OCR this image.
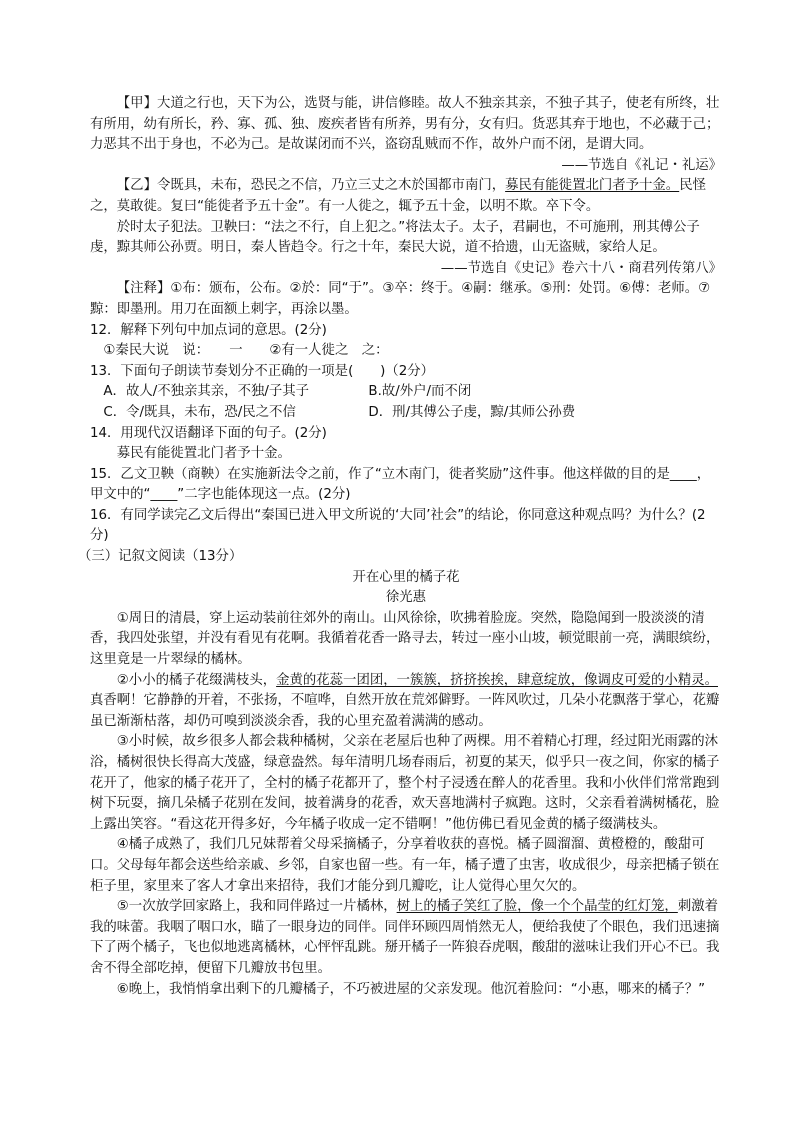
【甲】大道之行也，天下为公，选贤与能，讲信修睦。故人不独亲其亲，不独子其子，使老有所终，壮有所用，幼有所长，矜、寡、孤、独、废疾者皆有所养，男有分，女有归。货恶其弃于地也，不必藏于己；力恶其不出于身也，不必为己。是故谋闭而不兴，盗窃乱贼而不作，故外户而不闭，是谓大同。

——节选自《礼记・礼运》

【乙】令既具，未布，恐民之不信，乃立三丈之木於国都市南门，募民有能徙置北门者予十金。民怪之，莫敢徙。复曰“能徙者予五十金”。有一人徙之，辄予五十金，以明不欺。卒下令。

於时太子犯法。卫鞅曰：“法之不行，自上犯之。”将法太子。太子，君嗣也，不可施刑，刑其傅公子虔，黥其师公孙贾。明日，秦人皆趋令。行之十年，秦民大说，道不拾遗，山无盗贼，家给人足。

——节选自《史记》卷六十八・商君列传第八》

【注释】①布：颁布，公布。②於：同“于”。③卒：终于。④嗣：继承。⑤刑：处罚。⑥傅：老师。⑦黥：即墨刑。用刀在面额上刺字，再涂以墨。

12．解释下列句中加点词的意思。(2分)

①秦民大说　说：　　一　　②有一人徙之　之：

13．下面句子朗读节奏划分不正确的一项是(　　)（2分）

A．故人/不独亲其亲，不独/子其子	B.故/外户/而不闭
C．令/既具，未布，恐/民之不信	D．刑/其傅公子虔，黥/其师公孙费

14．用现代汉语翻译下面的句子。(2分)

募民有能徙置北门者予十金。

15．乙文卫鞅（商鞅）在实施新法令之前，作了“立木南门，徙者奖励”这件事。他这样做的目的是____，甲文中的“____”二字也能体现这一点。(2分)

16．有同学读完乙文后得出“秦国已进入甲文所说的‘大同’社会”的结论，你同意这种观点吗？为什么？(2分)

（三）记叙文阅读（13分）

开在心里的橘子花

徐光惠

①周日的清晨，穿上运动装前往郊外的南山。山风徐徐，吹拂着脸庞。突然，隐隐闻到一股淡淡的清香，我四处张望，并没有看见有花啊。我循着花香一路寻去，转过一座小山坡，顿觉眼前一亮，满眼缤纷，这里竟是一片翠绿的橘林。

②小小的橘子花缀满枝头，金黄的花蕊一团团，一簇簇，挤挤挨挨，肆意绽放，像调皮可爱的小精灵。真香啊！它静静的开着，不张扬，不喧哗，自然开放在荒郊僻野。一阵风吹过，几朵小花飘落于掌心，花瓣虽已渐渐枯落，却仍可嗅到淡淡余香，我的心里充盈着满满的感动。

③小时候，故乡很多人都会栽种橘树，父亲在老屋后也种了两棵。用不着精心打理，经过阳光雨露的沐浴，橘树很快长得高大茂盛，绿意盎然。每年清明几场春雨后，初夏的某天，似乎只一夜之间，你家的橘子花开了，他家的橘子花开了，全村的橘子花都开了，整个村子浸透在醉人的花香里。我和小伙伴们常常跑到树下玩耍，摘几朵橘子花别在发间，披着满身的花香，欢天喜地满村子疯跑。这时，父亲看着满树橘花，脸上露出笑容。“看这花开得多好，今年橘子收成一定不错啊！”他仿佛已看见金黄的橘子缀满枝头。

④橘子成熟了，我们几兄妹帮着父母采摘橘子，分享着收获的喜悦。橘子圆溜溜、黄橙橙的，酸甜可口。父母每年都会送些给亲戚、乡邻，自家也留一些。有一年，橘子遭了虫害，收成很少，母亲把橘子锁在柜子里，家里来了客人才拿出来招待，我们才能分到几瓣吃，让人觉得心里欠欠的。

⑤一次放学回家路上，我和同伴路过一片橘林，树上的橘子笑红了脸，像一个个晶莹的红灯笼，刺激着我的味蕾。我咽了咽口水，瞄了一眼身边的同伴。同伴环顾四周悄然无人，便给我使了个眼色，我们迅速摘下了两个橘子，飞也似地逃离橘林，心怦怦乱跳。掰开橘子一阵狼吞虎咽，酸甜的滋味让我们开心不已。我舍不得全部吃掉，便留下几瓣放书包里。

⑥晚上，我悄悄拿出剩下的几瓣橘子，不巧被进屋的父亲发现。他沉着脸问：“小惠，哪来的橘子？”
